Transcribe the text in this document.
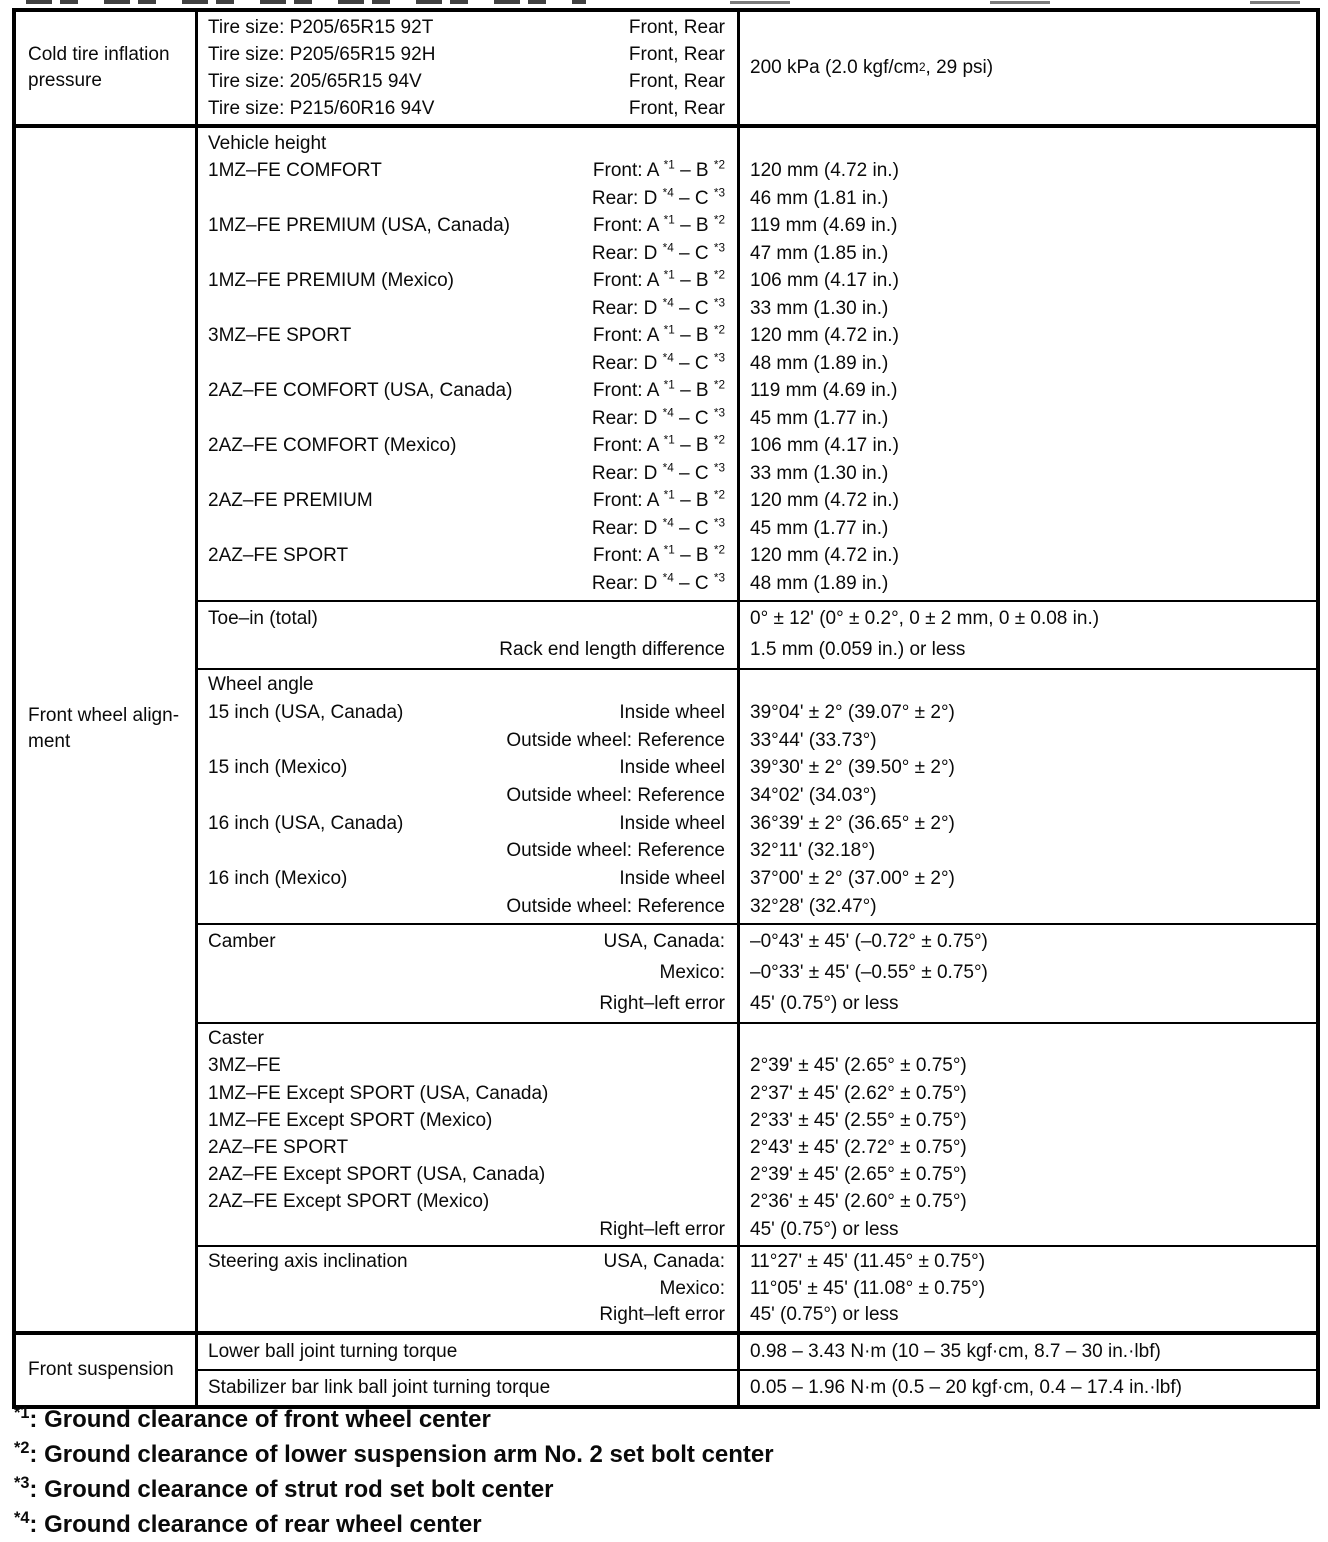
Cold tire inflation
pressure
Tire size: P205/65R15 92T	Front, Rear
Tire size: P205/65R15 92H	Front, Rear
Tire size: 205/65R15 94V	Front, Rear
Tire size: P215/60R16 94V	Front, Rear
200 kPa (2.0 kgf/cm 2 , 29 psi)
Front wheel align-
ment
Vehicle height
1MZ–FE COMFORT	Front: A $^{*1}$ – B $^{*2}$	120 mm (4.72 in.)
Rear: D $^{*4}$ – C $^{*3}$	46 mm (1.81 in.)
1MZ–FE PREMIUM (USA, Canada)	Front: A $^{*1}$ – B $^{*2}$	119 mm (4.69 in.)
Rear: D $^{*4}$ – C $^{*3}$	47 mm (1.85 in.)
1MZ–FE PREMIUM (Mexico)	Front: A $^{*1}$ – B $^{*2}$	106 mm (4.17 in.)
Rear: D $^{*4}$ – C $^{*3}$	33 mm (1.30 in.)
3MZ–FE SPORT	Front: A $^{*1}$ – B $^{*2}$	120 mm (4.72 in.)
Rear: D $^{*4}$ – C $^{*3}$	48 mm (1.89 in.)
2AZ–FE COMFORT (USA, Canada)	Front: A $^{*1}$ – B $^{*2}$	119 mm (4.69 in.)
Rear: D $^{*4}$ – C $^{*3}$	45 mm (1.77 in.)
2AZ–FE COMFORT (Mexico)	Front: A $^{*1}$ – B $^{*2}$	106 mm (4.17 in.)
Rear: D $^{*4}$ – C $^{*3}$	33 mm (1.30 in.)
2AZ–FE PREMIUM	Front: A $^{*1}$ – B $^{*2}$	120 mm (4.72 in.)
Rear: D $^{*4}$ – C $^{*3}$	45 mm (1.77 in.)
2AZ–FE SPORT	Front: A $^{*1}$ – B $^{*2}$	120 mm (4.72 in.)
Rear: D $^{*4}$ – C $^{*3}$	48 mm (1.89 in.)
Toe–in (total)	0° ± 12' (0° ± 0.2°, 0 ± 2 mm, 0 ± 0.08 in.)
Rack end length difference	1.5 mm (0.059 in.) or less
Wheel angle
15 inch (USA, Canada)	Inside wheel	39°04' ± 2° (39.07° ± 2°)
Outside wheel: Reference	33°44' (33.73°)
15 inch (Mexico)	Inside wheel	39°30' ± 2° (39.50° ± 2°)
Outside wheel: Reference	34°02' (34.03°)
16 inch (USA, Canada)	Inside wheel	36°39' ± 2° (36.65° ± 2°)
Outside wheel: Reference	32°11' (32.18°)
16 inch (Mexico)	Inside wheel	37°00' ± 2° (37.00° ± 2°)
Outside wheel: Reference	32°28' (32.47°)
Camber	USA, Canada:	–0°43' ± 45' (–0.72° ± 0.75°)
Mexico:	–0°33' ± 45' (–0.55° ± 0.75°)
Right–left error	45' (0.75°) or less
Caster
3MZ–FE	2°39' ± 45' (2.65° ± 0.75°)
1MZ–FE Except SPORT (USA, Canada)	2°37' ± 45' (2.62° ± 0.75°)
1MZ–FE Except SPORT (Mexico)	2°33' ± 45' (2.55° ± 0.75°)
2AZ–FE SPORT	2°43' ± 45' (2.72° ± 0.75°)
2AZ–FE Except SPORT (USA, Canada)	2°39' ± 45' (2.65° ± 0.75°)
2AZ–FE Except SPORT (Mexico)	2°36' ± 45' (2.60° ± 0.75°)
Right–left error	45' (0.75°) or less
Steering axis inclination	USA, Canada:	11°27' ± 45' (11.45° ± 0.75°)
Mexico:	11°05' ± 45' (11.08° ± 0.75°)
Right–left error	45' (0.75°) or less
Front suspension
Lower ball joint turning torque	0.98 – 3.43 N·m (10 – 35 kgf·cm, 8.7 – 30 in.·lbf)
Stabilizer bar link ball joint turning torque	0.05 – 1.96 N·m (0.5 – 20 kgf·cm, 0.4 – 17.4 in.·lbf)
$^{*1}$: Ground clearance of front wheel center
$^{*2}$: Ground clearance of lower suspension arm No. 2 set bolt center
$^{*3}$: Ground clearance of strut rod set bolt center
$^{*4}$: Ground clearance of rear wheel center
